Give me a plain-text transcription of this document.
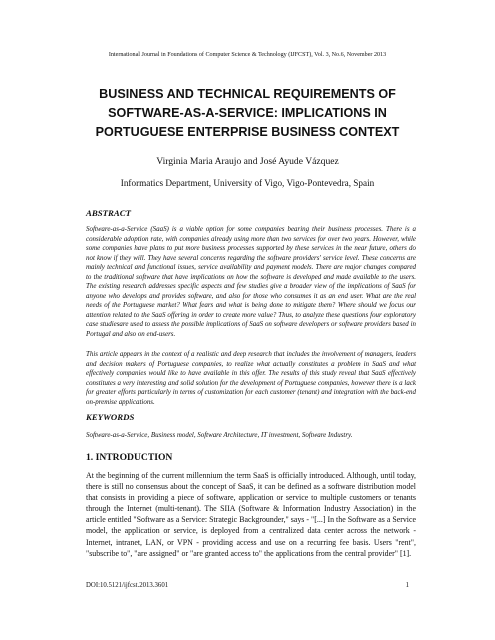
International Journal in Foundations of Computer Science & Technology (IJFCST), Vol. 3, No.6, November 2013
BUSINESS AND TECHNICAL REQUIREMENTS OF
SOFTWARE-AS-A-SERVICE: IMPLICATIONS IN
PORTUGUESE ENTERPRISE BUSINESS CONTEXT
Virginia Maria Araujo and José Ayude Vázquez
Informatics Department, University of Vigo, Vigo-Pontevedra, Spain
ABSTRACT

Software-as-a-Service (SaaS) is a viable option for some companies bearing their business processes. There is a considerable adoption rate, with companies already using more than two services for over two years. However, while some companies have plans to put more business processes supported by these services in the near future, others do not know if they will. They have several concerns regarding the software providers' service level. These concerns are mainly technical and functional issues, service availability and payment models. There are major changes compared to the traditional software that have implications on how the software is developed and made available to the users. The existing research addresses specific aspects and few studies give a broader view of the implications of SaaS for anyone who develops and provides software, and also for those who consumes it as an end user. What are the real needs of the Portuguese market? What fears and what is being done to mitigate them? Where should we focus our attention related to the SaaS offering in order to create more value? Thus, to analyze these questions four exploratory case studiesare used to assess the possible implications of SaaS on software developers or software providers based in Portugal and also on end-users.

This article appears in the context of a realistic and deep research that includes the involvement of managers, leaders and decision makers of Portuguese companies, to realize what actually constitutes a problem in SaaS and what effectively companies would like to have available in this offer. The results of this study reveal that SaaS effectively constitutes a very interesting and solid solution for the development of Portuguese companies, however there is a lack for greater efforts particularly in terms of customization for each customer (tenant) and integration with the back-end on-premise applications.

KEYWORDS

Software-as-a-Service, Business model, Software Architecture, IT investment, Software Industry.

1. INTRODUCTION

At the beginning of the current millennium the term SaaS is officially introduced. Although, until today, there is still no consensus about the concept of SaaS, it can be defined as a software distribution model that consists in providing a piece of software, application or service to multiple customers or tenants through the Internet (multi-tenant). The SIIA (Software & Information Industry Association) in the article entitled "Software as a Service: Strategic Backgrounder," says - "[...] In the Software as a Service model, the application or service, is deployed from a centralized data center across the network - Internet, intranet, LAN, or VPN - providing access and use on a recurring fee basis. Users "rent", "subscribe to", "are assigned" or "are granted access to" the applications from the central provider" [1].

DOI:10.5121/ijfcst.2013.3601	1
